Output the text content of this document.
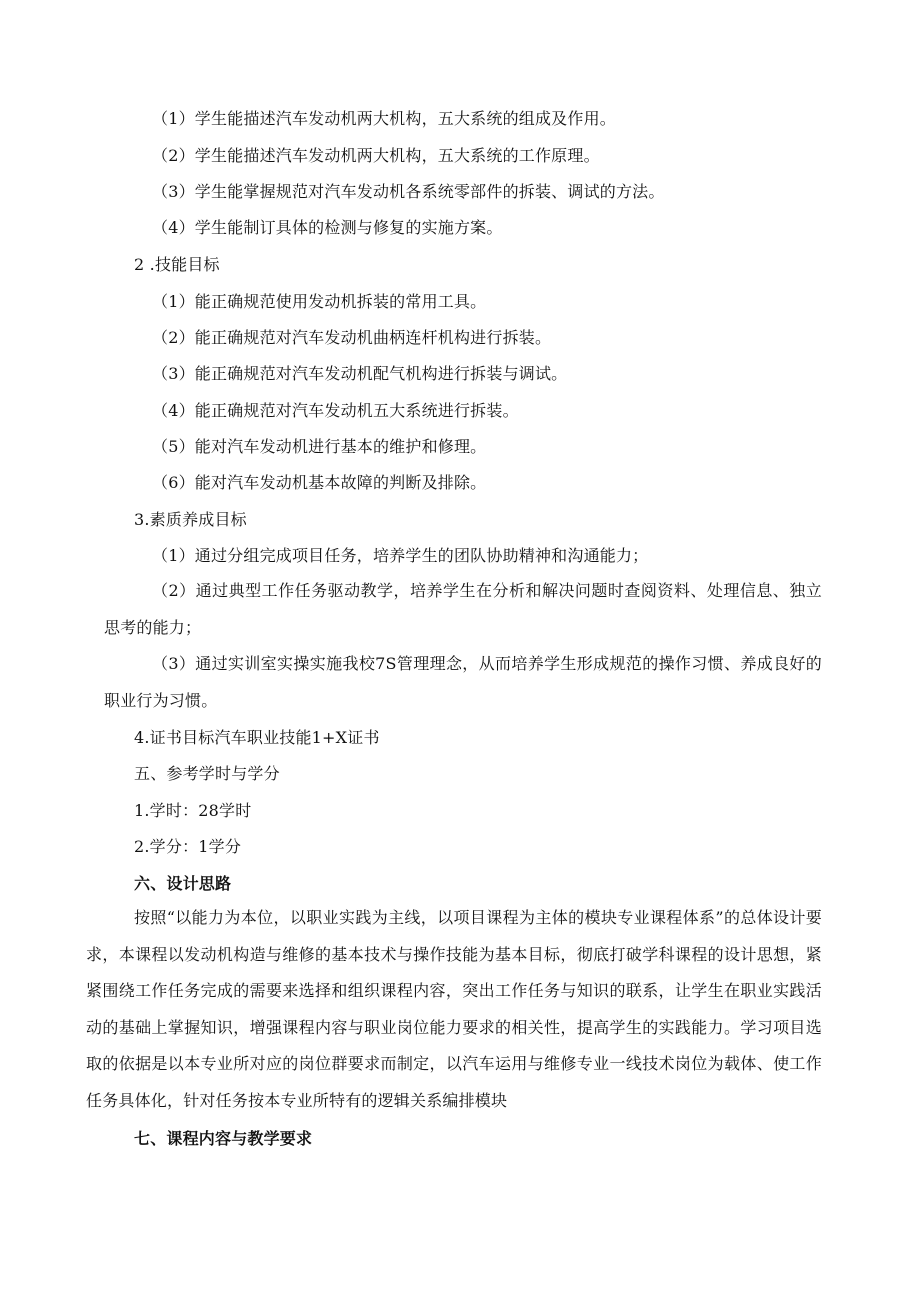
（1）学生能描述汽车发动机两大机构，五大系统的组成及作用。
（2）学生能描述汽车发动机两大机构，五大系统的工作原理。
（3）学生能掌握规范对汽车发动机各系统零部件的拆装、调试的方法。
（4）学生能制订具体的检测与修复的实施方案。
2 .技能目标
（1）能正确规范使用发动机拆装的常用工具。
（2）能正确规范对汽车发动机曲柄连杆机构进行拆装。
（3）能正确规范对汽车发动机配气机构进行拆装与调试。
（4）能正确规范对汽车发动机五大系统进行拆装。
（5）能对汽车发动机进行基本的维护和修理。
（6）能对汽车发动机基本故障的判断及排除。
3.素质养成目标
（1）通过分组完成项目任务，培养学生的团队协助精神和沟通能力；
（2）通过典型工作任务驱动教学，培养学生在分析和解决问题时查阅资料、处理信息、独立思考的能力；
（3）通过实训室实操实施我校7S管理理念，从而培养学生形成规范的操作习惯、养成良好的职业行为习惯。
4.证书目标汽车职业技能1+X证书
五、参考学时与学分
1.学时：28学时
2.学分：1学分
六、设计思路
按照“以能力为本位，以职业实践为主线，以项目课程为主体的模块专业课程体系”的总体设计要求，本课程以发动机构造与维修的基本技术与操作技能为基本目标，彻底打破学科课程的设计思想，紧紧围绕工作任务完成的需要来选择和组织课程内容，突出工作任务与知识的联系，让学生在职业实践活动的基础上掌握知识，增强课程内容与职业岗位能力要求的相关性，提高学生的实践能力。学习项目选取的依据是以本专业所对应的岗位群要求而制定，以汽车运用与维修专业一线技术岗位为载体、使工作任务具体化，针对任务按本专业所特有的逻辑关系编排模块
七、课程内容与教学要求
